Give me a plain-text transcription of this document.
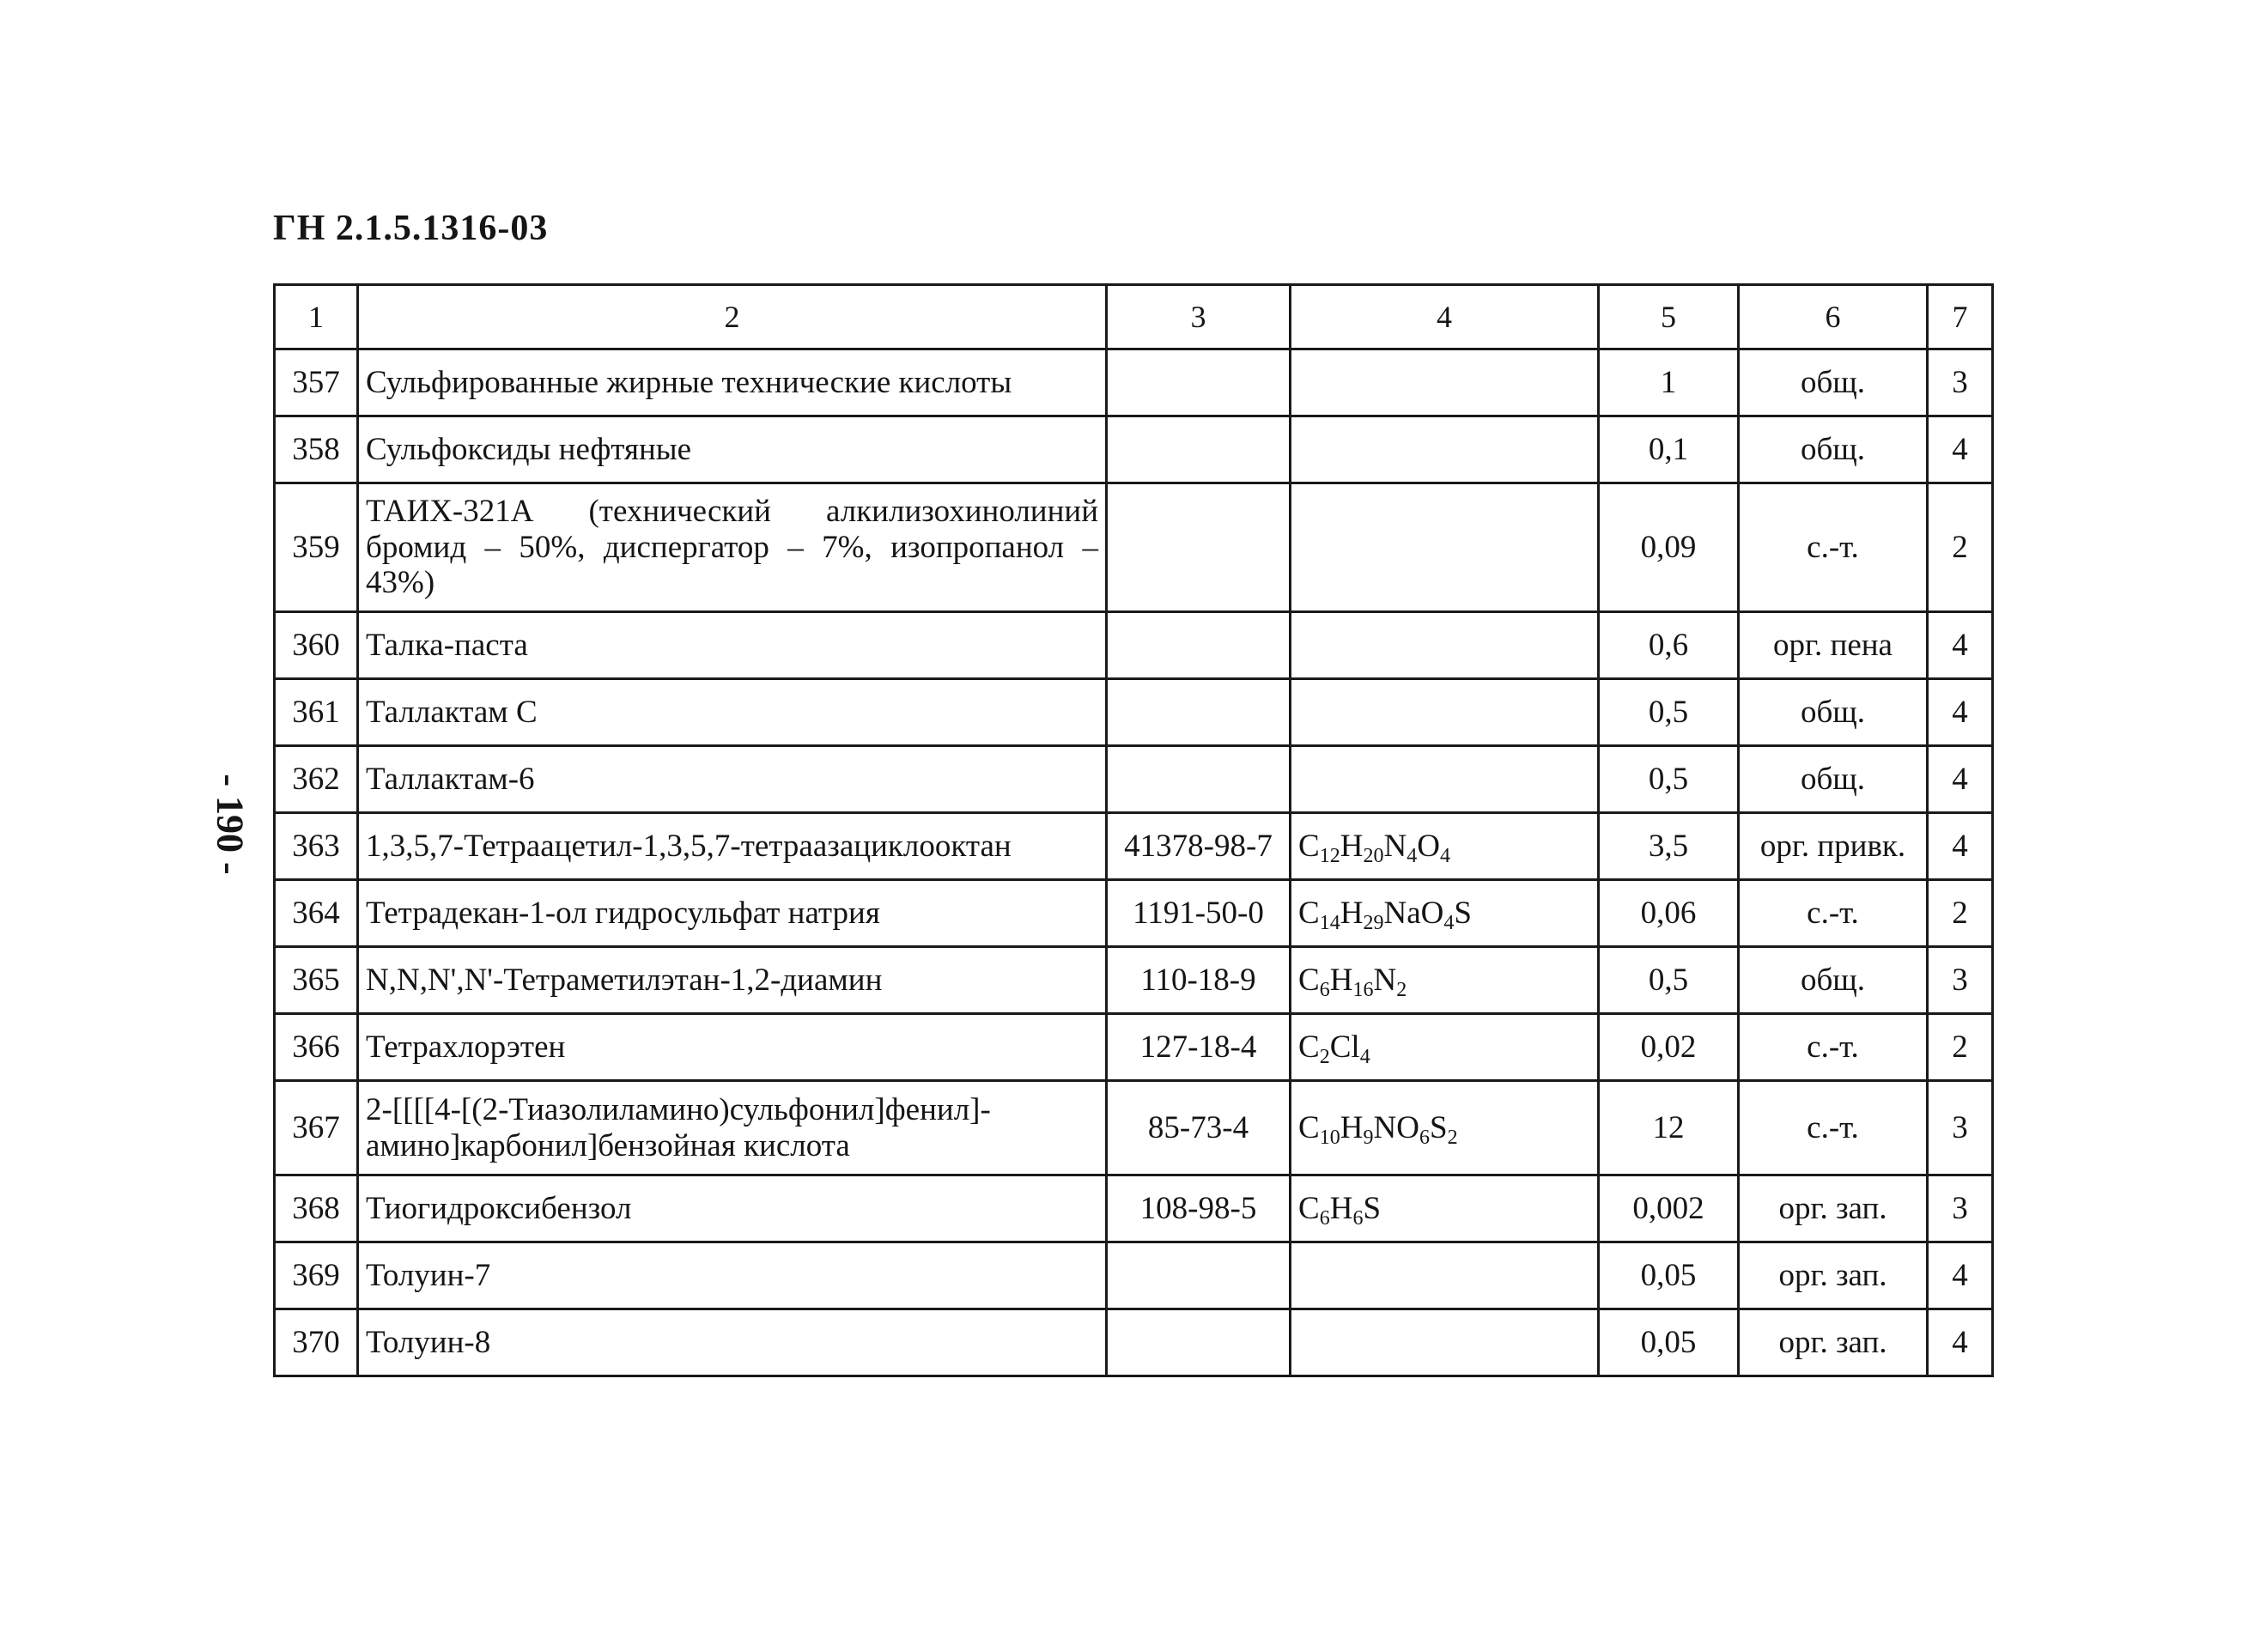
ГН 2.1.5.1316-03
- 190 -
1	2	3	4	5	6	7
357	Сульфированные жирные технические кислоты			1	общ.	3
358	Сульфоксиды нефтяные			0,1	общ.	4
359	ТАИХ-321А (технический алкилизохинолиний бромид – 50%, диспергатор – 7%, изопропанол – 43%)			0,09	с.-т.	2
360	Талка-паста			0,6	орг. пена	4
361	Таллактам С			0,5	общ.	4
362	Таллактам-6			0,5	общ.	4
363	1,3,5,7-Тетраацетил-1,3,5,7-тетраазациклооктан	41378-98-7	$C_{12}H_{20}N_4O_4$	3,5	орг. привк.	4
364	Тетрадекан-1-ол гидросульфат натрия	1191-50-0	$C_{14}H_{29}NaO_4S$	0,06	с.-т.	2
365	N,N,N',N'-Тетраметилэтан-1,2-диамин	110-18-9	$C_6H_{16}N_2$	0,5	общ.	3
366	Тетрахлорэтен	127-18-4	$C_2Cl_4$	0,02	с.-т.	2
367	2-[[[[4-[(2-Тиазолиламино)сульфонил]фенил]-амино]карбонил]бензойная кислота	85-73-4	$C_{10}H_9NO_6S_2$	12	с.-т.	3
368	Тиогидроксибензол	108-98-5	$C_6H_6S$	0,002	орг. зап.	3
369	Толуин-7			0,05	орг. зап.	4
370	Толуин-8			0,05	орг. зап.	4
